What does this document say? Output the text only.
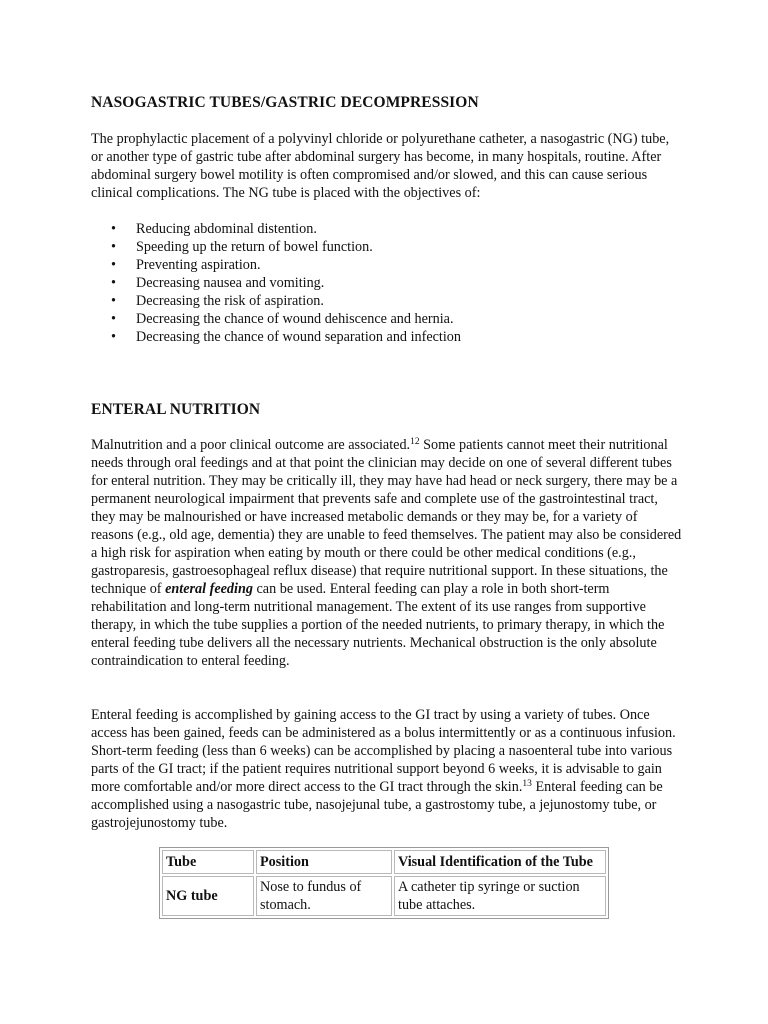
NASOGASTRIC TUBES/GASTRIC DECOMPRESSION

The prophylactic placement of a polyvinyl chloride or polyurethane catheter, a nasogastric (NG) tube, or another type of gastric tube after abdominal surgery has become, in many hospitals, routine. After abdominal surgery bowel motility is often compromised and/or slowed, and this can cause serious clinical complications. The NG tube is placed with the objectives of:

• Reducing abdominal distention.
• Speeding up the return of bowel function.
• Preventing aspiration.
• Decreasing nausea and vomiting.
• Decreasing the risk of aspiration.
• Decreasing the chance of wound dehiscence and hernia.
• Decreasing the chance of wound separation and infection
ENTERAL NUTRITION

Malnutrition and a poor clinical outcome are associated.$^{12}$ Some patients cannot meet their nutritional needs through oral feedings and at that point the clinician may decide on one of several different tubes for enteral nutrition. They may be critically ill, they may have had head or neck surgery, there may be a permanent neurological impairment that prevents safe and complete use of the gastrointestinal tract, they may be malnourished or have increased metabolic demands or they may be, for a variety of reasons (e.g., old age, dementia) they are unable to feed themselves. The patient may also be considered a high risk for aspiration when eating by mouth or there could be other medical conditions (e.g., gastroparesis, gastroesophageal reflux disease) that require nutritional support. In these situations, the technique of enteral feeding can be used. Enteral feeding can play a role in both short-term rehabilitation and long-term nutritional management. The extent of its use ranges from supportive therapy, in which the tube supplies a portion of the needed nutrients, to primary therapy, in which the enteral feeding tube delivers all the necessary nutrients. Mechanical obstruction is the only absolute contraindication to enteral feeding.

Enteral feeding is accomplished by gaining access to the GI tract by using a variety of tubes. Once access has been gained, feeds can be administered as a bolus intermittently or as a continuous infusion. Short-term feeding (less than 6 weeks) can be accomplished by placing a nasoenteral tube into various parts of the GI tract; if the patient requires nutritional support beyond 6 weeks, it is advisable to gain more comfortable and/or more direct access to the GI tract through the skin.$^{13}$ Enteral feeding can be accomplished using a nasogastric tube, nasojejunal tube, a gastrostomy tube, a jejunostomy tube, or gastrojejunostomy tube.

Tube	Position	Visual Identification of the Tube
NG tube	Nose to fundus of stomach.	A catheter tip syringe or suction tube attaches.
